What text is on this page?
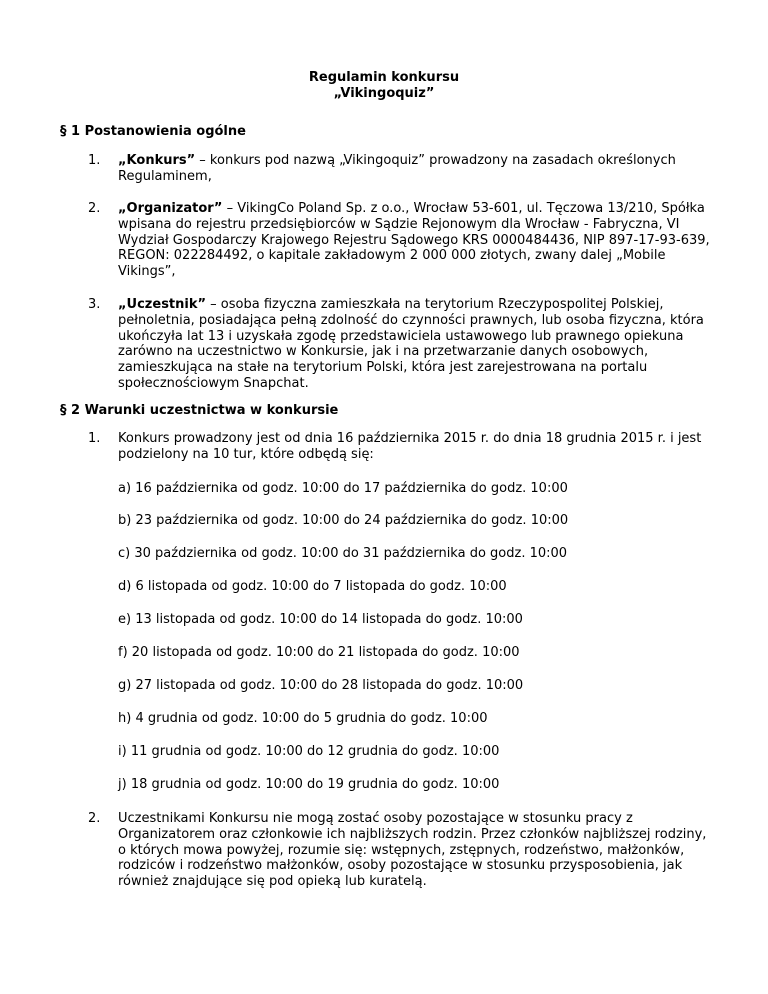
Regulamin konkursu
„Vikingoquiz”
§ 1 Postanowienia ogólne
1. „Konkurs” – konkurs pod nazwą „Vikingoquiz” prowadzony na zasadach określonych Regulaminem,
2. „Organizator” – VikingCo Poland Sp. z o.o., Wrocław 53-601, ul. Tęczowa 13/210, Spółka wpisana do rejestru przedsiębiorców w Sądzie Rejonowym dla Wrocław - Fabryczna, VI Wydział Gospodarczy Krajowego Rejestru Sądowego KRS 0000484436, NIP 897-17-93-639, REGON: 022284492, o kapitale zakładowym 2 000 000 złotych, zwany dalej „Mobile Vikings”,
3. „Uczestnik” – osoba fizyczna zamieszkała na terytorium Rzeczypospolitej Polskiej, pełnoletnia, posiadająca pełną zdolność do czynności prawnych, lub osoba fizyczna, która ukończyła lat 13 i uzyskała zgodę przedstawiciela ustawowego lub prawnego opiekuna zarówno na uczestnictwo w Konkursie, jak i na przetwarzanie danych osobowych, zamieszkująca na stałe na terytorium Polski, która jest zarejestrowana na portalu społecznościowym Snapchat.
§ 2 Warunki uczestnictwa w konkursie
1. Konkurs prowadzony jest od dnia 16 października 2015 r. do dnia 18 grudnia 2015 r. i jest podzielony na 10 tur, które odbędą się:
a) 16 października od godz. 10:00 do 17 października do godz. 10:00
b) 23 października od godz. 10:00 do 24 października do godz. 10:00
c) 30 października od godz. 10:00 do 31 października do godz. 10:00
d) 6 listopada od godz. 10:00 do 7 listopada do godz. 10:00
e) 13 listopada od godz. 10:00 do 14 listopada do godz. 10:00
f) 20 listopada od godz. 10:00 do 21 listopada do godz. 10:00
g) 27 listopada od godz. 10:00 do 28 listopada do godz. 10:00
h) 4 grudnia od godz. 10:00 do 5 grudnia do godz. 10:00
i) 11 grudnia od godz. 10:00 do 12 grudnia do godz. 10:00
j) 18 grudnia od godz. 10:00 do 19 grudnia do godz. 10:00
2. Uczestnikami Konkursu nie mogą zostać osoby pozostające w stosunku pracy z Organizatorem oraz członkowie ich najbliższych rodzin. Przez członków najbliższej rodziny, o których mowa powyżej, rozumie się: wstępnych, zstępnych, rodzeństwo, małżonków, rodziców i rodzeństwo małżonków, osoby pozostające w stosunku przysposobienia, jak również znajdujące się pod opieką lub kuratelą.
